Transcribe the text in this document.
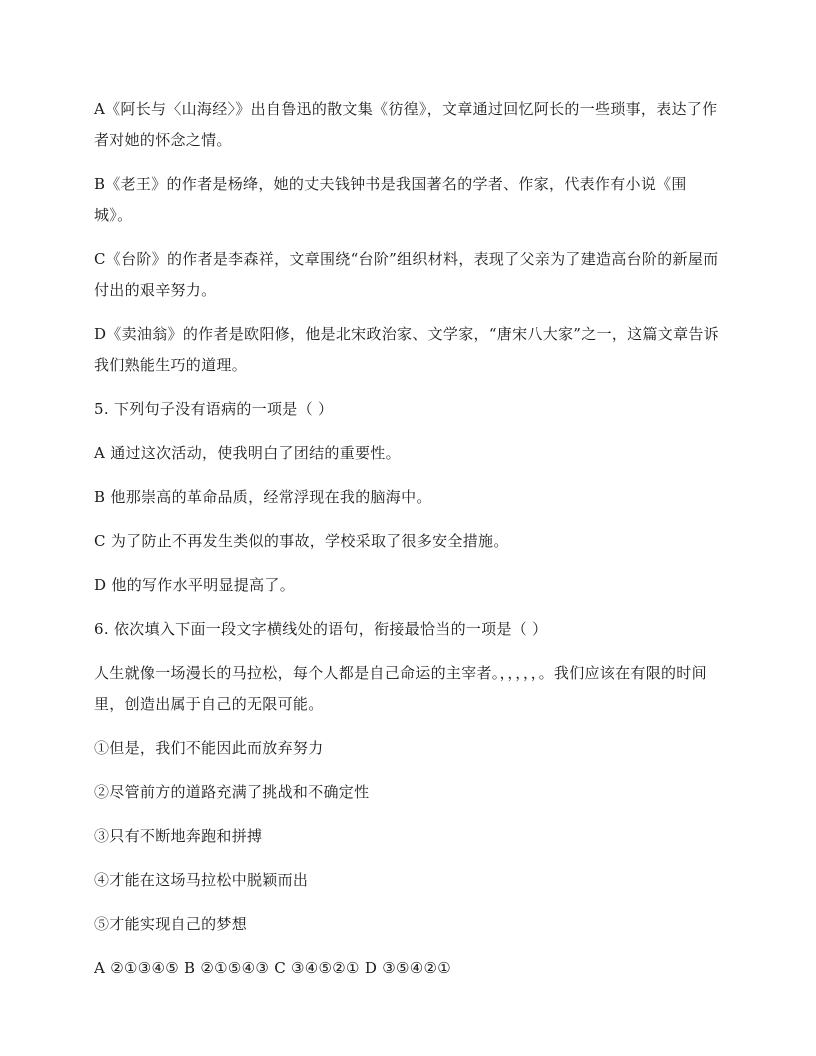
A《阿长与〈山海经〉》出自鲁迅的散文集《彷徨》，文章通过回忆阿长的一些琐事，表达了作者对她的怀念之情。

B《老王》的作者是杨绛，她的丈夫钱钟书是我国著名的学者、作家，代表作有小说《围城》。

C《台阶》的作者是李森祥，文章围绕“台阶”组织材料，表现了父亲为了建造高台阶的新屋而付出的艰辛努力。

D《卖油翁》的作者是欧阳修，他是北宋政治家、文学家，“唐宋八大家”之一，这篇文章告诉我们熟能生巧的道理。

5. 下列句子没有语病的一项是（ ）

A 通过这次活动，使我明白了团结的重要性。

B 他那崇高的革命品质，经常浮现在我的脑海中。

C 为了防止不再发生类似的事故，学校采取了很多安全措施。

D 他的写作水平明显提高了。

6. 依次填入下面一段文字横线处的语句，衔接最恰当的一项是（ ）

人生就像一场漫长的马拉松，每个人都是自己命运的主宰者。，，，，，。我们应该在有限的时间里，创造出属于自己的无限可能。

①但是，我们不能因此而放弃努力

②尽管前方的道路充满了挑战和不确定性

③只有不断地奔跑和拼搏

④才能在这场马拉松中脱颖而出

⑤才能实现自己的梦想

A ②①③④⑤ B ②①⑤④③ C ③④⑤②① D ③⑤④②①
